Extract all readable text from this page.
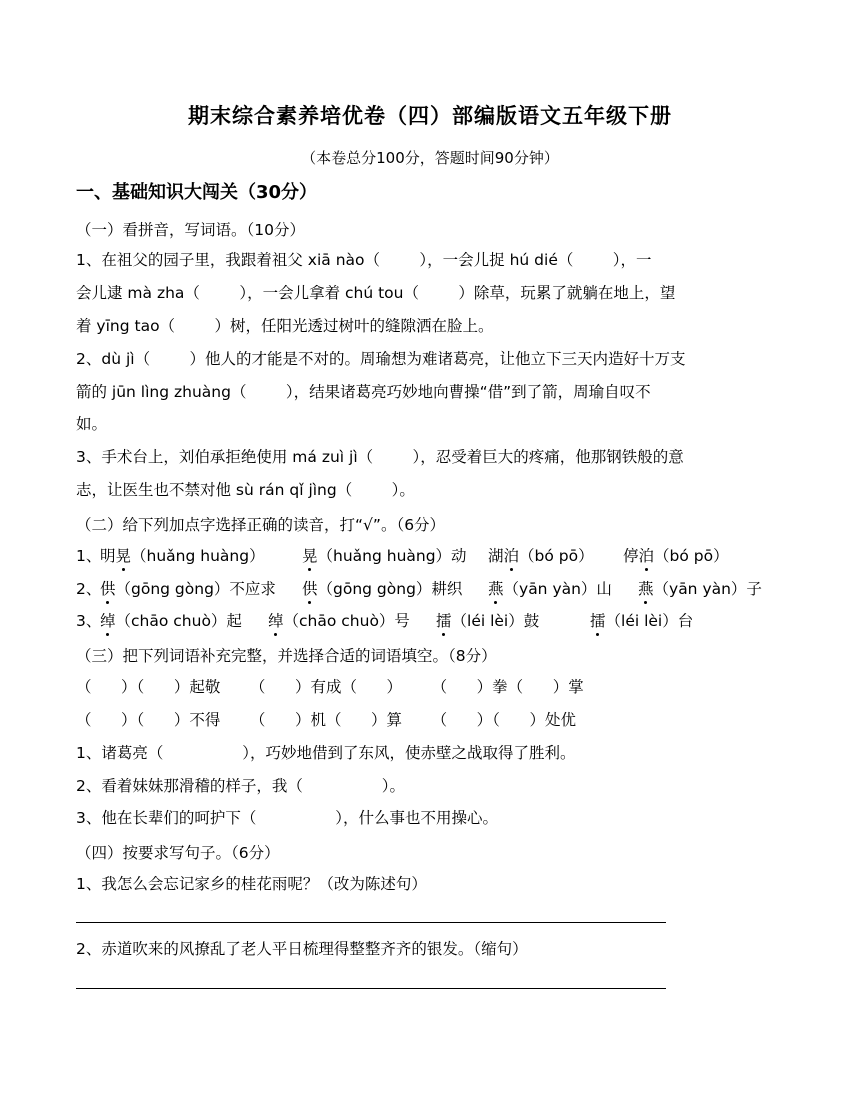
期末综合素养培优卷（四）部编版语文五年级下册
（本卷总分100分，答题时间90分钟）
一、基础知识大闯关（30分）
（一）看拼音，写词语。（10分）
1、在祖父的园子里，我跟着祖父 xiā nào（        ），一会儿捉 hú dié（        ），一
会儿逮 mà zha（        ），一会儿拿着 chú tou（        ）除草，玩累了就躺在地上，望
着 yīng tao（        ）树，任阳光透过树叶的缝隙洒在脸上。
2、dù jì（        ）他人的才能是不对的。周瑜想为难诸葛亮，让他立下三天内造好十万支
箭的 jūn lìng zhuàng（        ），结果诸葛亮巧妙地向曹操“借”到了箭，周瑜自叹不
如。
3、手术台上，刘伯承拒绝使用 má zuì jì（        ），忍受着巨大的疼痛，他那钢铁般的意
志，让医生也不禁对他 sù rán qǐ jìng（        ）。
（二）给下列加点字选择正确的读音，打“√”。（6分）
1、
明晃（huǎng huàng） 晃（huǎng huàng）动 湖泊（bó pō） 停泊（bó pō）
2、
供（gōng gòng）不应求 供（gōng gòng）耕织 燕（yān yàn）山 燕（yān yàn）子
3、
绰（chāo chuò）起 绰（chāo chuò）号 擂（léi lèi）鼓	擂（léi lèi）台
（三）把下列词语补充完整，并选择合适的词语填空。（8分）
（      ）（      ）起敬      （      ）有成（      ）      （      ）拳（      ）掌
（      ）（      ）不得      （      ）机（      ）算      （      ）（      ）处优
1、诸葛亮（                ），巧妙地借到了东风，使赤壁之战取得了胜利。
2、看着妹妹那滑稽的样子，我（                ）。
3、他在长辈们的呵护下（                ），什么事也不用操心。
（四）按要求写句子。（6分）
1、我怎么会忘记家乡的桂花雨呢？（改为陈述句）
2、赤道吹来的风撩乱了老人平日梳理得整整齐齐的银发。（缩句）
